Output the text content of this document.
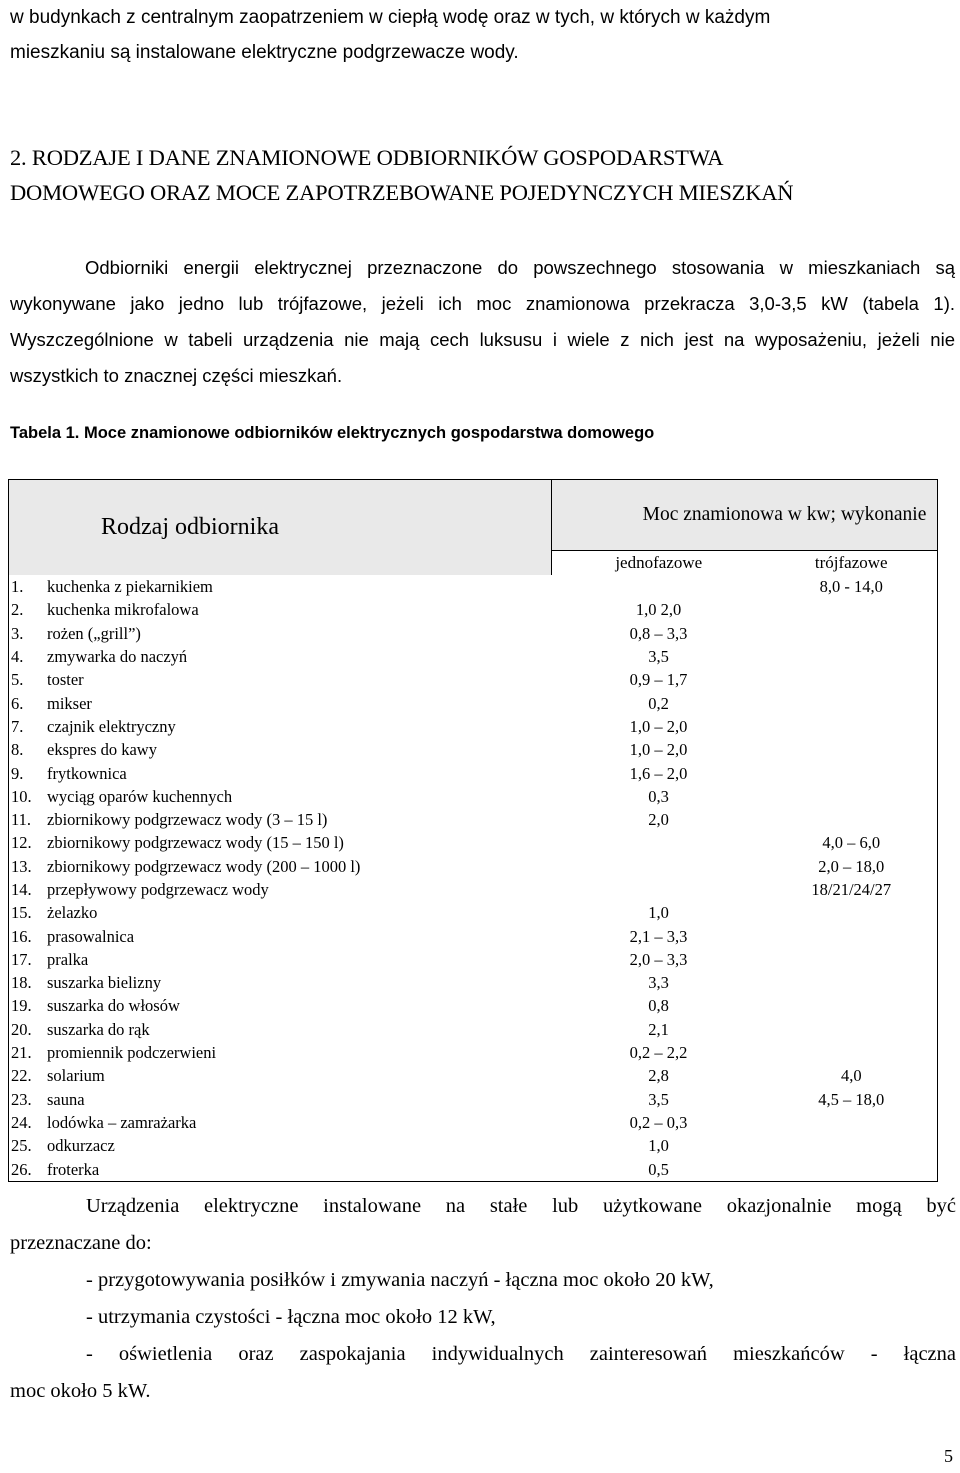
w budynkach z centralnym zaopatrzeniem w ciepłą wodę oraz w tych, w których w każdym
mieszkaniu są instalowane elektryczne podgrzewacze wody.
2. RODZAJE I DANE ZNAMIONOWE ODBIORNIKÓW GOSPODARSTWA
DOMOWEGO ORAZ MOCE ZAPOTRZEBOWANE POJEDYNCZYCH MIESZKAŃ

Odbiorniki energii elektrycznej przeznaczone do powszechnego stosowania w mieszkaniach są wykonywane jako jedno lub trójfazowe, jeżeli ich moc znamionowa przekracza 3,0-3,5 kW (tabela 1). Wyszczególnione w tabeli urządzenia nie mają cech luksusu i wiele z nich jest na wyposażeniu, jeżeli nie wszystkich to znacznej części mieszkań.

Tabela 1. Moce znamionowe odbiorników elektrycznych gospodarstwa domowego
Rodzaj odbiornika	Moc znamionowa w kw; wykonanie	
	jednofazowe	trójfazowe
1. kuchenka z piekarnikiem		8,0 - 14,0
2. kuchenka mikrofalowa	1,0 2,0	
3. rożen („grill”)	0,8 – 3,3	
4. zmywarka do naczyń	3,5	
5. toster	0,9 – 1,7	
6. mikser	0,2	
7. czajnik elektryczny	1,0 – 2,0	
8. ekspres do kawy	1,0 – 2,0	
9. frytkownica	1,6 – 2,0	
10. wyciąg oparów kuchennych	0,3	
11. zbiornikowy podgrzewacz wody (3 – 15 l)	2,0	
12. zbiornikowy podgrzewacz wody (15 – 150 l)		4,0 – 6,0
13. zbiornikowy podgrzewacz wody (200 – 1000 l)		2,0 – 18,0
14. przepływowy podgrzewacz wody		18/21/24/27
15. żelazko	1,0	
16. prasowalnica	2,1 – 3,3	
17. pralka	2,0 – 3,3	
18. suszarka bielizny	3,3	
19. suszarka do włosów	0,8	
20. suszarka do rąk	2,1	
21. promiennik podczerwieni	0,2 – 2,2	
22. solarium	2,8	4,0
23. sauna	3,5	4,5 – 18,0
24. lodówka – zamrażarka	0,2 – 0,3	
25. odkurzacz	1,0	
26. froterka	0,5	

Urządzenia elektryczne instalowane na stałe lub użytkowane okazjonalnie mogą być

przeznaczane do:

- przygotowywania posiłków i zmywania naczyń - łączna moc około 20 kW,

- utrzymania czystości - łączna moc około 12 kW,

- oświetlenia oraz zaspokajania indywidualnych zainteresowań mieszkańców - łączna

moc około 5 kW.

5
